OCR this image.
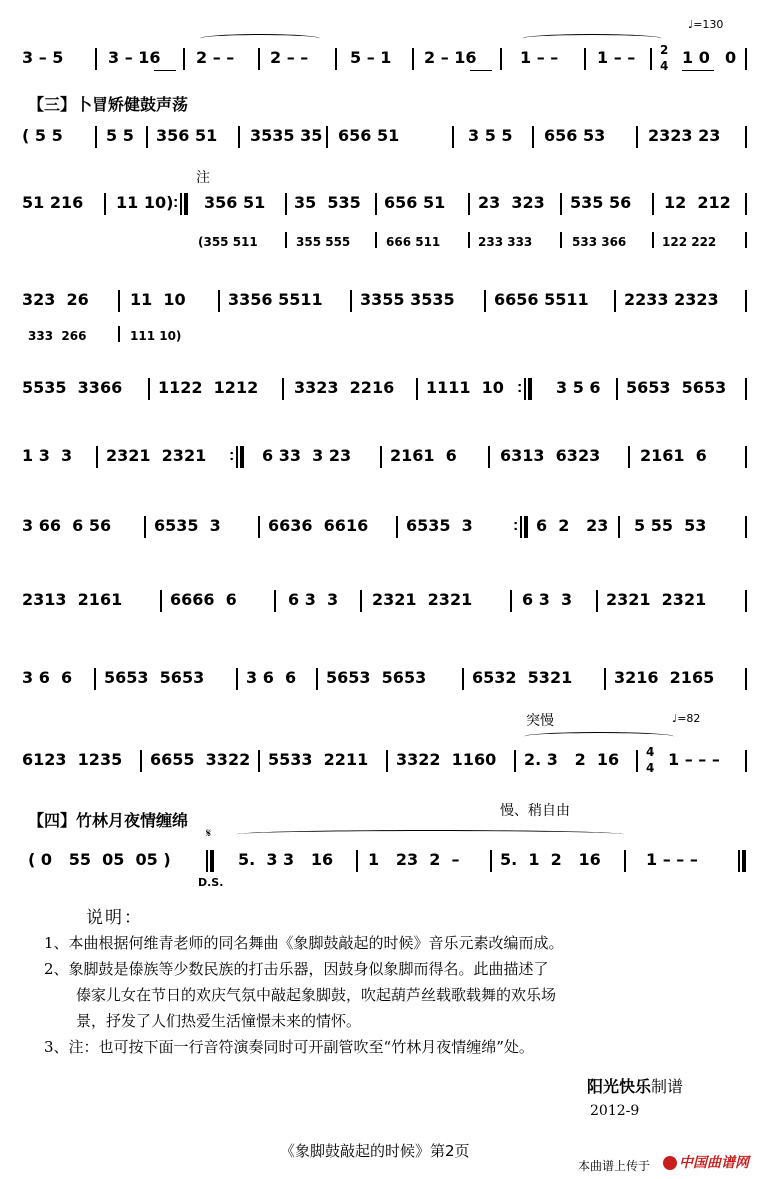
3 – 5	3 – 16 2 – – 2 – –	5 – 1 2 – 16	1 – – 1 – – 2
4 1 0 0
♩=130
【三】卜冒矫健鼓声荡
( 5 5	5 5 356 51 3535 35 656 51	3 5 5 656 53	2323 23
注
51 216 11 10) : 356 51 35  535 656 51 23  323 535 56 12  212
(355 511	355 555	666 511	233 333	533 366	122 222
323  26	11  10	3356 5511 3355 3535 6656 5511 2233 2323
333  266	111 10)
5535  3366 1122  1212 3323  2216 1111  10 :	3 5 6 5653  5653
1 3  3 2321  2321 :	6 33  3 23 2161  6	6313  6323 2161  6
3 66  6 56	6535  3	6636  6616 6535  3 :	6  2   23 5 55  53
2313  2161	6666  6	6 3  3 2321  2321	6 3  3 2321  2321
3 6  6 5653  5653	3 6  6 5653  5653	6532  5321	3216  2165
突慢	♩=82
6123  1235 6655  3322 5533  2211 3322  1160 2. 3   2  16 4
4 1 – – –
【四】竹林月夜情缠绵	慢、稍自由
( 0   55  05  05 )
𝄋
D.S.
5.  3 3   16 1   23  2  –	5.  1  2   16	1 – – –
说明：
1、本曲根据何维青老师的同名舞曲《象脚鼓敲起的时候》音乐元素改编而成。
2、象脚鼓是傣族等少数民族的打击乐器，因鼓身似象脚而得名。此曲描述了
傣家儿女在节日的欢庆气氛中敲起象脚鼓，吹起葫芦丝载歌载舞的欢乐场
景，抒发了人们热爱生活憧憬未来的情怀。
3、注：也可按下面一行音符演奏同时可开副管吹至“竹林月夜情缠绵”处。
阳光快乐制谱
2012-9
《象脚鼓敲起的时候》第2页
本曲谱上传于	中国曲谱网
